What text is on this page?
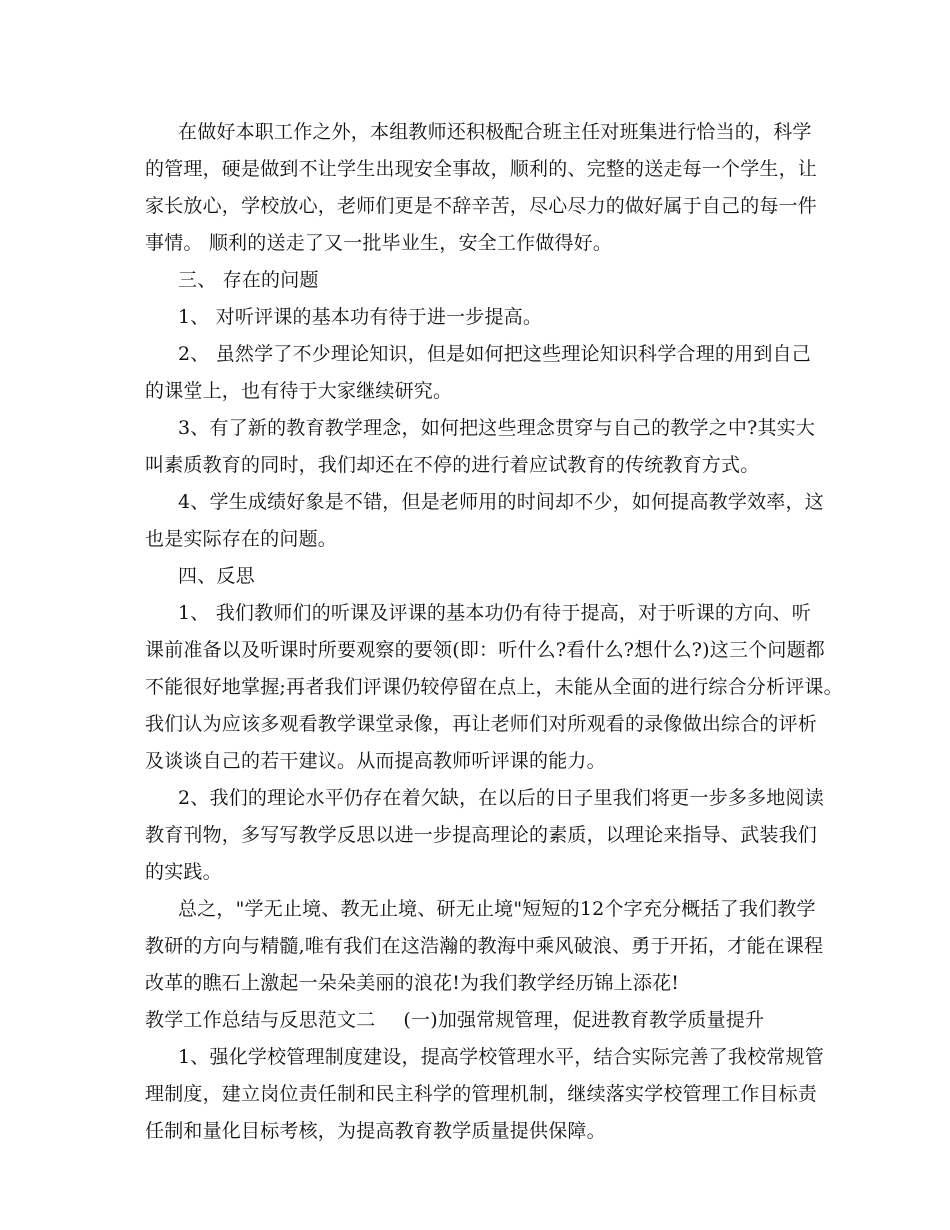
在做好本职工作之外，本组教师还积极配合班主任对班集进行恰当的，科学
的管理，硬是做到不让学生出现安全事故，顺利的、完整的送走每一个学生，让
家长放心，学校放心，老师们更是不辞辛苦，尽心尽力的做好属于自己的每一件
事情。 顺利的送走了又一批毕业生，安全工作做得好。
三、 存在的问题
1、 对听评课的基本功有待于进一步提高。
2、 虽然学了不少理论知识，但是如何把这些理论知识科学合理的用到自己
的课堂上，也有待于大家继续研究。
3、有了新的教育教学理念，如何把这些理念贯穿与自己的教学之中?其实大
叫素质教育的同时，我们却还在不停的进行着应试教育的传统教育方式。
4、学生成绩好象是不错，但是老师用的时间却不少，如何提高教学效率，这
也是实际存在的问题。
四、反思
1、 我们教师们的听课及评课的基本功仍有待于提高，对于听课的方向、听
课前准备以及听课时所要观察的要领(即：听什么?看什么?想什么?)这三个问题都
不能很好地掌握;再者我们评课仍较停留在点上，未能从全面的进行综合分析评课。
我们认为应该多观看教学课堂录像，再让老师们对所观看的录像做出综合的评析
及谈谈自己的若干建议。从而提高教师听评课的能力。
2、我们的理论水平仍存在着欠缺，在以后的日子里我们将更一步多多地阅读
教育刊物，多写写教学反思以进一步提高理论的素质，以理论来指导、武装我们
的实践。
总之，"学无止境、教无止境、研无止境"短短的12个字充分概括了我们教学
教研的方向与精髓,唯有我们在这浩瀚的教海中乘风破浪、勇于开拓，才能在课程
改革的瞧石上激起一朵朵美丽的浪花!为我们教学经历锦上添花!
教学工作总结与反思范文二 (一)加强常规管理，促进教育教学质量提升
1、强化学校管理制度建设，提高学校管理水平，结合实际完善了我校常规管
理制度，建立岗位责任制和民主科学的管理机制，继续落实学校管理工作目标责
任制和量化目标考核，为提高教育教学质量提供保障。
